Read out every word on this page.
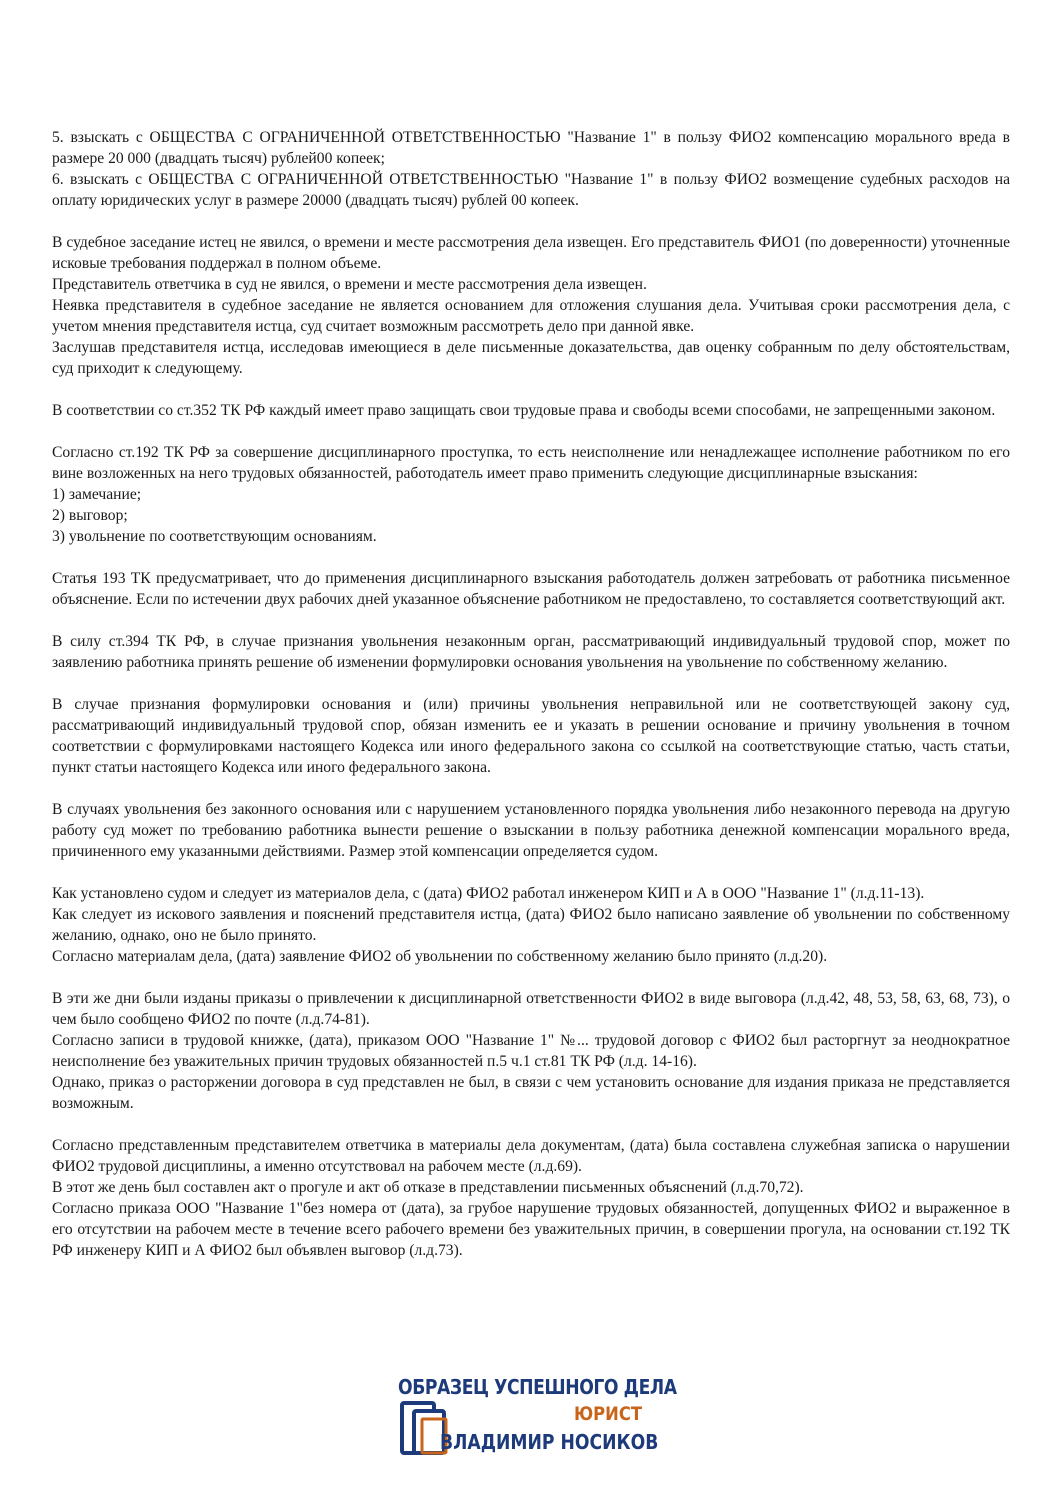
5. взыскать с ОБЩЕСТВА С ОГРАНИЧЕННОЙ ОТВЕТСТВЕННОСТЬЮ "Название 1" в пользу ФИО2 компенсацию морального вреда в размере 20 000 (двадцать тысяч) рублей00 копеек;

6. взыскать с ОБЩЕСТВА С ОГРАНИЧЕННОЙ ОТВЕТСТВЕННОСТЬЮ "Название 1" в пользу ФИО2 возмещение судебных расходов на оплату юридических услуг в размере 20000 (двадцать тысяч) рублей 00 копеек.

В судебное заседание истец не явился, о времени и месте рассмотрения дела извещен. Его представитель ФИО1 (по доверенности) уточненные исковые требования поддержал в полном объеме.

Представитель ответчика в суд не явился, о времени и месте рассмотрения дела извещен.

Неявка представителя в судебное заседание не является основанием для отложения слушания дела. Учитывая сроки рассмотрения дела, с учетом мнения представителя истца, суд считает возможным рассмотреть дело при данной явке.

Заслушав представителя истца, исследовав имеющиеся в деле письменные доказательства, дав оценку собранным по делу обстоятельствам, суд приходит к следующему.

В соответствии со ст.352 ТК РФ каждый имеет право защищать свои трудовые права и свободы всеми способами, не запрещенными законом.

Согласно ст.192 ТК РФ за совершение дисциплинарного проступка, то есть неисполнение или ненадлежащее исполнение работником по его вине возложенных на него трудовых обязанностей, работодатель имеет право применить следующие дисциплинарные взыскания:

1) замечание;

2) выговор;

3) увольнение по соответствующим основаниям.

Статья 193 ТК предусматривает, что до применения дисциплинарного взыскания работодатель должен затребовать от работника письменное объяснение. Если по истечении двух рабочих дней указанное объяснение работником не предоставлено, то составляется соответствующий акт.

В силу ст.394 ТК РФ, в случае признания увольнения незаконным орган, рассматривающий индивидуальный трудовой спор, может по заявлению работника принять решение об изменении формулировки основания увольнения на увольнение по собственному желанию.

В случае признания формулировки основания и (или) причины увольнения неправильной или не соответствующей закону суд, рассматривающий индивидуальный трудовой спор, обязан изменить ее и указать в решении основание и причину увольнения в точном соответствии с формулировками настоящего Кодекса или иного федерального закона со ссылкой на соответствующие статью, часть статьи, пункт статьи настоящего Кодекса или иного федерального закона.

В случаях увольнения без законного основания или с нарушением установленного порядка увольнения либо незаконного перевода на другую работу суд может по требованию работника вынести решение о взыскании в пользу работника денежной компенсации морального вреда, причиненного ему указанными действиями. Размер этой компенсации определяется судом.

Как установлено судом и следует из материалов дела, с (дата) ФИО2 работал инженером КИП и А в ООО "Название 1" (л.д.11-13).

Как следует из искового заявления и пояснений представителя истца, (дата) ФИО2 было написано заявление об увольнении по собственному желанию, однако, оно не было принято.

Согласно материалам дела, (дата) заявление ФИО2 об увольнении по собственному желанию было принято (л.д.20).

В эти же дни были изданы приказы о привлечении к дисциплинарной ответственности ФИО2 в виде выговора (л.д.42, 48, 53, 58, 63, 68, 73), о чем было сообщено ФИО2 по почте (л.д.74-81).

Согласно записи в трудовой книжке, (дата), приказом ООО "Название 1" №... трудовой договор с ФИО2 был расторгнут за неоднократное неисполнение без уважительных причин трудовых обязанностей п.5 ч.1 ст.81 ТК РФ (л.д. 14-16).

Однако, приказ о расторжении договора в суд представлен не был, в связи с чем установить основание для издания приказа не представляется возможным.

Согласно представленным представителем ответчика в материалы дела документам, (дата) была составлена служебная записка о нарушении ФИО2 трудовой дисциплины, а именно отсутствовал на рабочем месте (л.д.69).

В этот же день был составлен акт о прогуле и акт об отказе в представлении письменных объяснений (л.д.70,72).

Согласно приказа ООО "Название 1"без номера от (дата), за грубое нарушение трудовых обязанностей, допущенных ФИО2 и выраженное в его отсутствии на рабочем месте в течение всего рабочего времени без уважительных причин, в совершении прогула, на основании ст.192 ТК РФ инженеру КИП и А ФИО2 был объявлен выговор (л.д.73).

ОБРАЗЕЦ УСПЕШНОГО ДЕЛА
ЮРИСТ
ВЛАДИМИР НОСИКОВ
